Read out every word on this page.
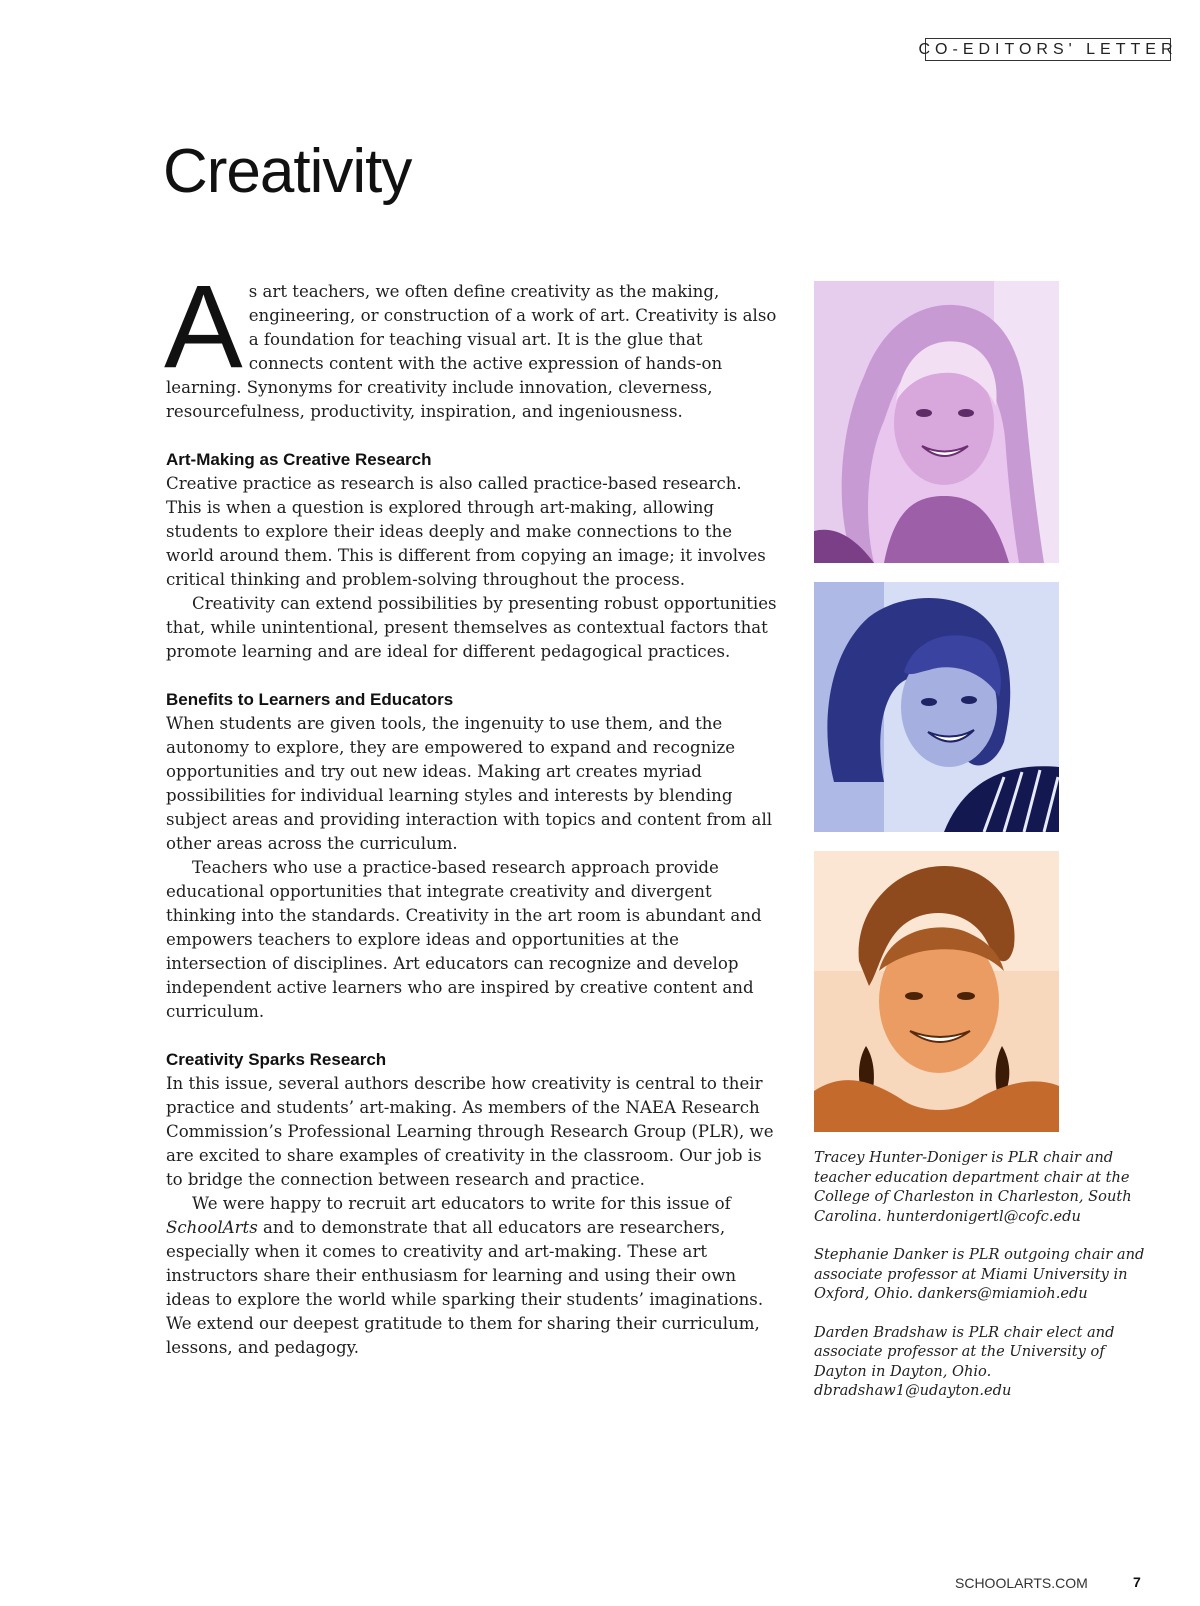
CO-EDITORS' LETTER
Creativity

As art teachers, we often define creativity as the making, engineering, or construction of a work of art. Creativity is also a foundation for teaching visual art. It is the glue that connects content with the active expression of hands-on learning. Synonyms for creativity include innovation, cleverness, resourcefulness, productivity, inspiration, and ingeniousness.

Art-Making as Creative Research

Creative practice as research is also called practice-based research. This is when a question is explored through art-making, allowing students to explore their ideas deeply and make connections to the world around them. This is different from copying an image; it involves critical thinking and problem-solving throughout the process.

Creativity can extend possibilities by presenting robust opportunities that, while unintentional, present themselves as contextual factors that promote learning and are ideal for different pedagogical practices.

Benefits to Learners and Educators

When students are given tools, the ingenuity to use them, and the autonomy to explore, they are empowered to expand and recognize opportunities and try out new ideas. Making art creates myriad possibilities for individual learning styles and interests by blending subject areas and providing interaction with topics and content from all other areas across the curriculum.

Teachers who use a practice-based research approach provide educational opportunities that integrate creativity and divergent thinking into the standards. Creativity in the art room is abundant and empowers teachers to explore ideas and opportunities at the intersection of disciplines. Art educators can recognize and develop independent active learners who are inspired by creative content and curriculum.

Creativity Sparks Research

In this issue, several authors describe how creativity is central to their practice and students’ art-making. As members of the NAEA Research Commission’s Professional Learning through Research Group (PLR), we are excited to share examples of creativity in the classroom. Our job is to bridge the connection between research and practice.

We were happy to recruit art educators to write for this issue of SchoolArts and to demonstrate that all educators are researchers, especially when it comes to creativity and art-making. These art instructors share their enthusiasm for learning and using their own ideas to explore the world while sparking their students’ imaginations. We extend our deepest gratitude to them for sharing their curriculum, lessons, and pedagogy.

Tracey Hunter-Doniger is PLR chair and teacher education department chair at the College of Charleston in Charleston, South Carolina. hunterdonigertl@cofc.edu

Stephanie Danker is PLR outgoing chair and associate professor at Miami University in Oxford, Ohio. dankers@miamioh.edu

Darden Bradshaw is PLR chair elect and associate professor at the University of Dayton in Dayton, Ohio. dbradshaw1@udayton.edu

SCHOOLARTS.COM	7
